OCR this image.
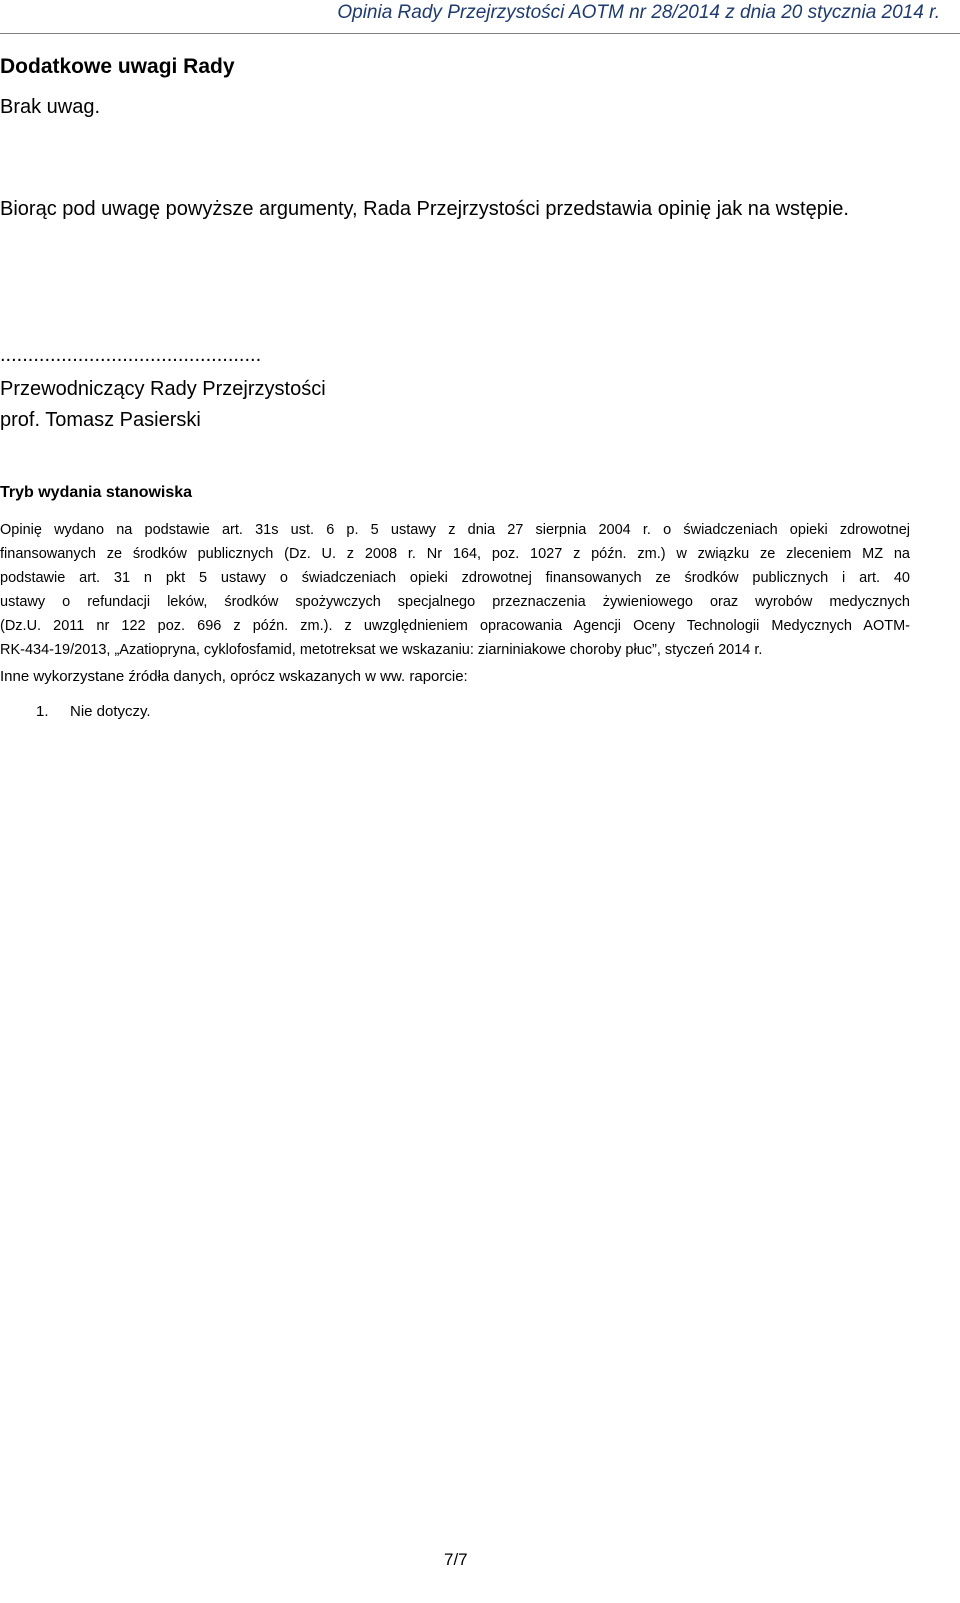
Opinia Rady Przejrzystości AOTM nr 28/2014 z dnia 20 stycznia 2014 r.
Dodatkowe uwagi Rady
Brak uwag.
Biorąc pod uwagę powyższe argumenty, Rada Przejrzystości przedstawia opinię jak na wstępie.
...............................................
Przewodniczący Rady Przejrzystości
prof. Tomasz Pasierski
Tryb wydania stanowiska
Opinię wydano na podstawie art. 31s ust. 6 p. 5 ustawy z dnia 27 sierpnia 2004 r. o świadczeniach opieki zdrowotnej
finansowanych ze środków publicznych (Dz. U. z 2008 r. Nr 164, poz. 1027 z późn. zm.) w związku ze zleceniem MZ na
podstawie art. 31 n pkt 5 ustawy o świadczeniach opieki zdrowotnej finansowanych ze środków publicznych i art. 40
ustawy o refundacji leków, środków spożywczych specjalnego przeznaczenia żywieniowego oraz wyrobów medycznych
(Dz.U. 2011 nr 122 poz. 696 z późn. zm.). z uwzględnieniem opracowania Agencji Oceny Technologii Medycznych AOTM-
RK-434-19/2013, „Azatiopryna, cyklofosfamid, metotreksat we wskazaniu: ziarniniakowe choroby płuc”, styczeń 2014 r.
Inne wykorzystane źródła danych, oprócz wskazanych w ww. raporcie:
1. Nie dotyczy.
7/7
